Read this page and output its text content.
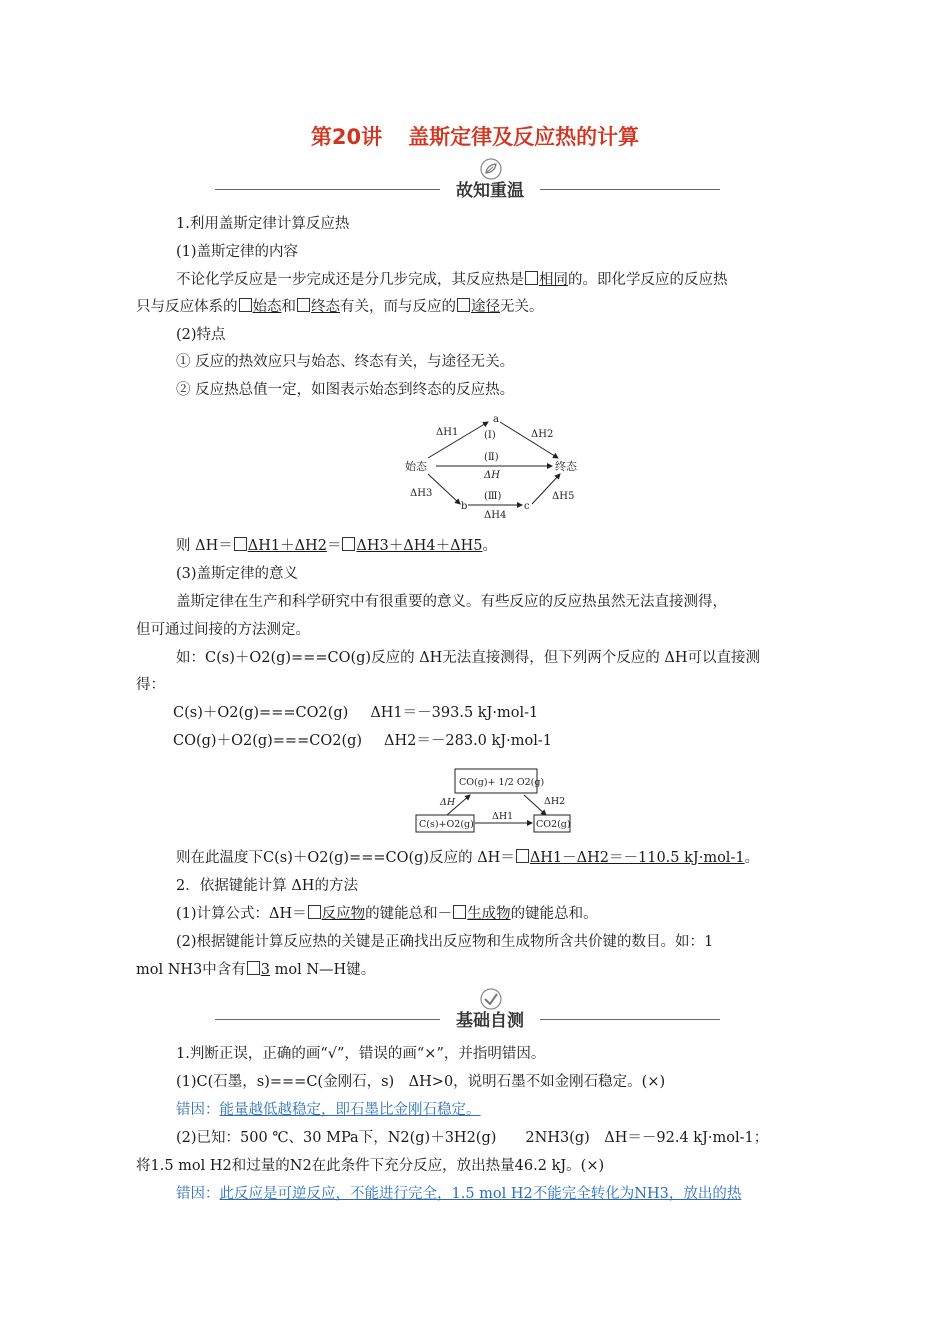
第20讲 盖斯定律及反应热的计算
故知重温
1.利用盖斯定律计算反应热
(1)盖斯定律的内容
不论化学反应是一步完成还是分几步完成，其反应热是 相同的。即化学反应的反应热
只与反应体系的 始态和 终态有关，而与反应的 途径无关。
(2)特点
① 反应的热效应只与始态、终态有关，与途径无关。
② 反应热总值一定，如图表示始态到终态的反应热。
a
始态	终态
b	c
ΔH1	(Ⅰ)	ΔH2
(Ⅱ)
ΔH
ΔH3	(Ⅲ)
ΔH4
ΔH5
则 ΔH＝ ΔH1＋ΔH2＝ ΔH3＋ΔH4＋ΔH5。
(3)盖斯定律的意义
盖斯定律在生产和科学研究中有很重要的意义。有些反应的反应热虽然无法直接测得，
但可通过间接的方法测定。
如：C(s)＋O2(g)===CO(g)反应的 ΔH无法直接测得，但下列两个反应的 ΔH可以直接测
得：
C(s)＋O2(g)===CO2(g) ΔH1＝－393.5 kJ·mol-1
CO(g)＋O2(g)===CO2(g) ΔH2＝－283.0 kJ·mol-1
CO(g)+ 1/2 O2(g)
C(s)+O2(g)	CO2(g)
ΔH	ΔH2
ΔH1
则在此温度下C(s)＋O2(g)===CO(g)反应的 ΔH＝ ΔH1－ΔH2＝－110.5 kJ·mol-1。
2．依据键能计算 ΔH的方法
(1)计算公式：ΔH＝ 反应物的键能总和－ 生成物的键能总和。
(2)根据键能计算反应热的关键是正确找出反应物和生成物所含共价键的数目。如：1
mol NH3中含有 3 mol N—H键。
基础自测
1.判断正误，正确的画“√”，错误的画“×”，并指明错因。
(1)C(石墨，s)===C(金刚石，s)　ΔH>0，说明石墨不如金刚石稳定。(×)
错因：能量越低越稳定，即石墨比金刚石稳定。
(2)已知：500 ℃、30 MPa下，N2(g)＋3H2(g)　　2NH3(g)　ΔH＝－92.4 kJ·mol-1；
将1.5 mol H2和过量的N2在此条件下充分反应，放出热量46.2 kJ。(×)
错因：此反应是可逆反应，不能进行完全，1.5 mol H2不能完全转化为NH3，放出的热
